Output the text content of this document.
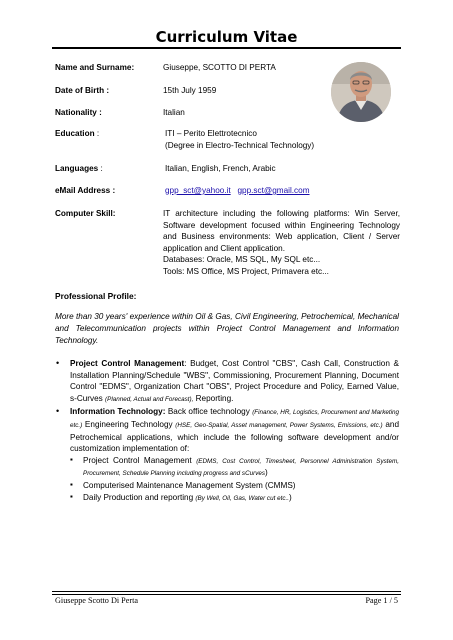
Curriculum Vitae
Name and Surname:	Giuseppe, SCOTTO DI PERTA
Date of Birth :	15th July 1959
Nationality :	Italian
Education :	ITI – Perito Elettrotecnico
(Degree in Electro-Technical Technology)
Languages :	Italian, English, French, Arabic
eMail Address :	gpp_sct@yahoo.it gpp.sct@gmail.com
Computer Skill:	IT architecture including the following platforms: Win Server, Software development focused within Engineering Technology and Business environments: Web application, Client / Server application and Client application.
Databases: Oracle, MS SQL, My SQL etc...
Tools: MS Office, MS Project, Primavera etc...
Professional Profile:
More than 30 years' experience within Oil & Gas, Civil Engineering, Petrochemical, Mechanical and Telecommunication projects within Project Control Management and Information Technology.
• Project Control Management: Budget, Cost Control "CBS", Cash Call, Construction & Installation Planning/Schedule "WBS", Commissioning, Procurement Planning, Document Control "EDMS", Organization Chart "OBS", Project Procedure and Policy, Earned Value, s-Curves (Planned, Actual and Forecast), Reporting.
• Information Technology: Back office technology (Finance, HR, Logistics, Procurement and Marketing etc.) Engineering Technology (HSE, Geo-Spatial, Asset management, Power Systems, Emissions, etc.) and Petrochemical applications, which include the following software development and/or customization implementation of:
▪ Project Control Management (EDMS, Cost Control, Timesheet, Personnel Administration System, Procurement, Schedule Planning including progress and sCurves)
▪ Computerised Maintenance Management System (CMMS)
▪ Daily Production and reporting (By Well, Oil, Gas, Water cut etc..)
Giuseppe Scotto Di Perta	Page 1 / 5
